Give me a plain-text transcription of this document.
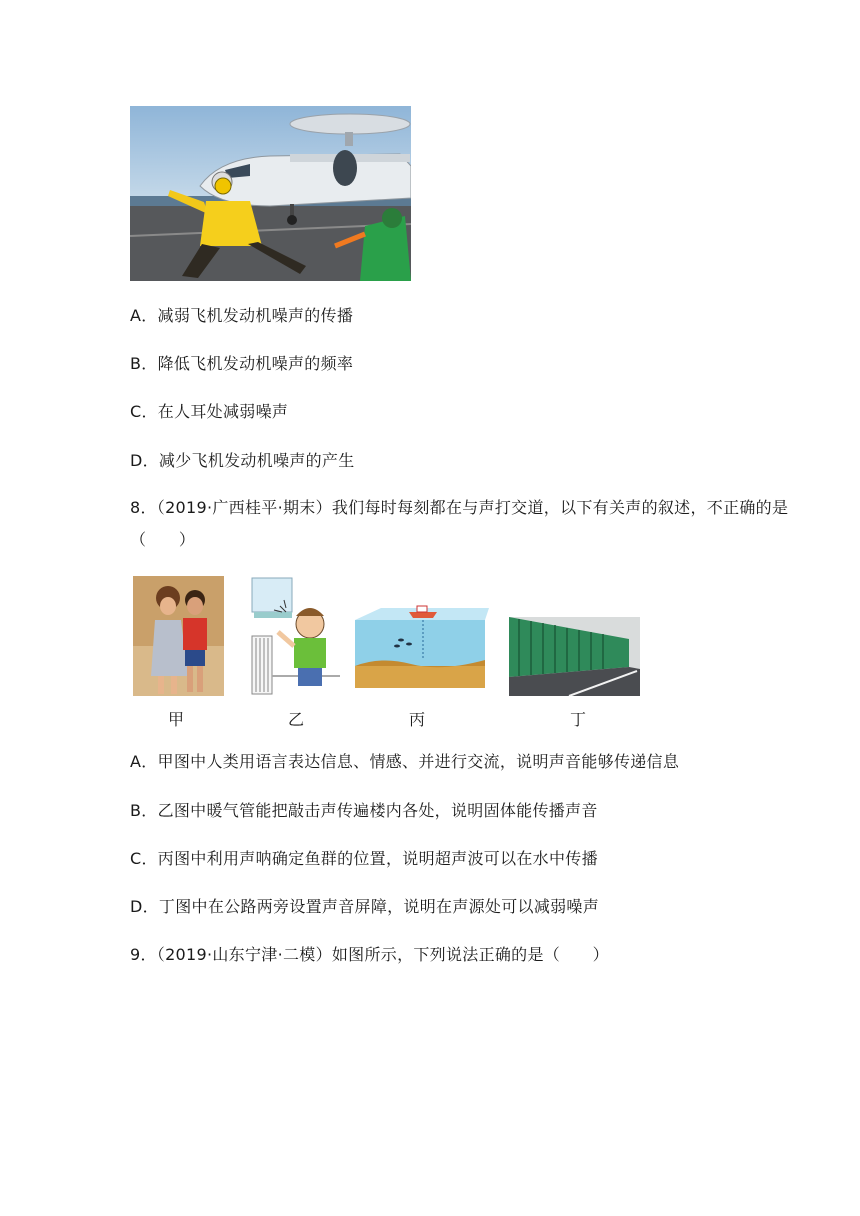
A．减弱飞机发动机噪声的传播
B．降低飞机发动机噪声的频率
C．在人耳处减弱噪声
D．减少飞机发动机噪声的产生
8．（2019·广西桂平·期末）我们每时每刻都在与声打交道，以下有关声的叙述，不正确的是（　　）
甲	乙	丙	丁
A．甲图中人类用语言表达信息、情感、并进行交流，说明声音能够传递信息
B．乙图中暖气管能把敲击声传遍楼内各处，说明固体能传播声音
C．丙图中利用声呐确定鱼群的位置，说明超声波可以在水中传播
D．丁图中在公路两旁设置声音屏障，说明在声源处可以减弱噪声
9．（2019·山东宁津·二模）如图所示，下列说法正确的是（　　）
